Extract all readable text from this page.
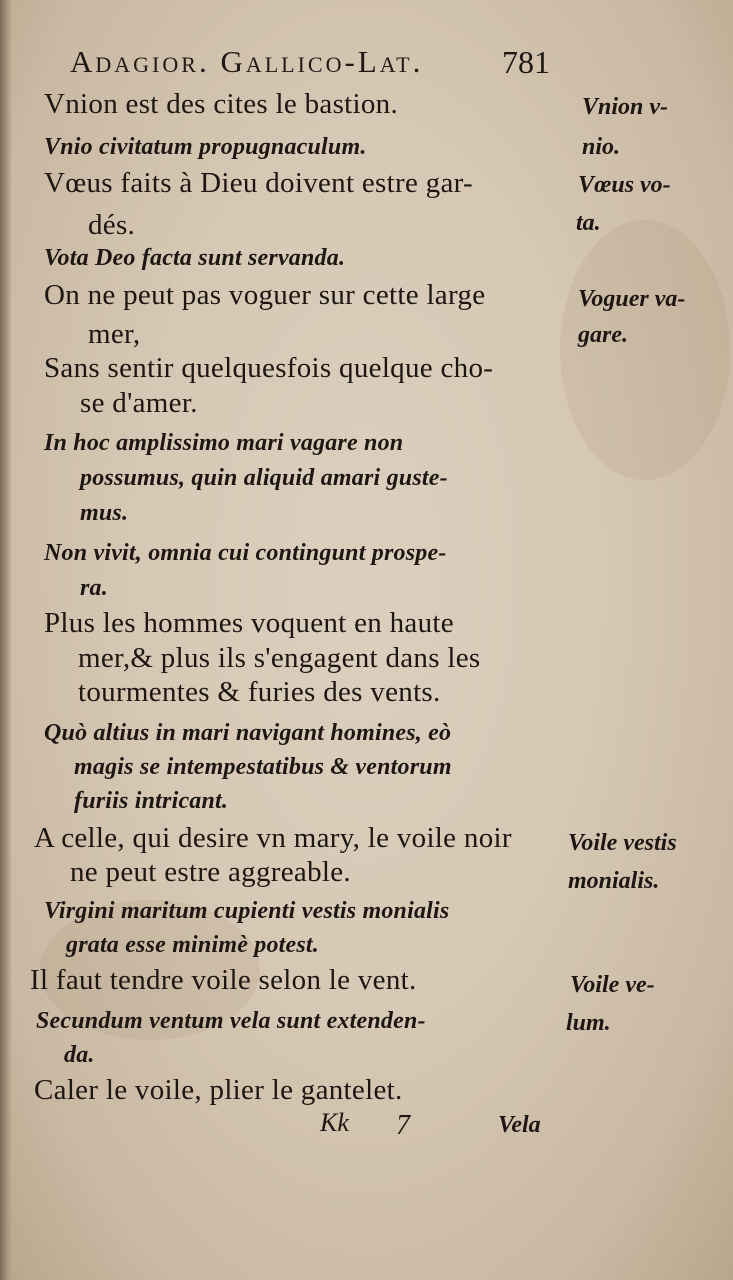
Adagior. Gallico-Lat. 781
Vnion est des cites le bastion.
Vnio civitatum propugnaculum.
Vœus faits à Dieu doivent estre gar-
dés.
Vota Deo facta sunt servanda.
On ne peut pas voguer sur cette large
mer,
Sans sentir quelquesfois quelque cho-
se d'amer.
In hoc amplissimo mari vagare non
possumus, quin aliquid amari guste-
mus.
Non vivit, omnia cui contingunt prospe-
ra.
Plus les hommes voquent en haute
mer,& plus ils s'engagent dans les
tourmentes & furies des vents.
Quò altius in mari navigant homines, eò
magis se intempestatibus & ventorum
furiis intricant.
A celle, qui desire vn mary, le voile noir
ne peut estre aggreable.
Virgini maritum cupienti vestis monialis
grata esse minimè potest.
Il faut tendre voile selon le vent.
Secundum ventum vela sunt extenden-
da.
Caler le voile, plier le gantelet.
Vnion v-
nio.
Vœus vo-
ta.
Voguer va-
gare.
Voile vestis
monialis.
Voile ve-
lum.
Kk 7	Vela
